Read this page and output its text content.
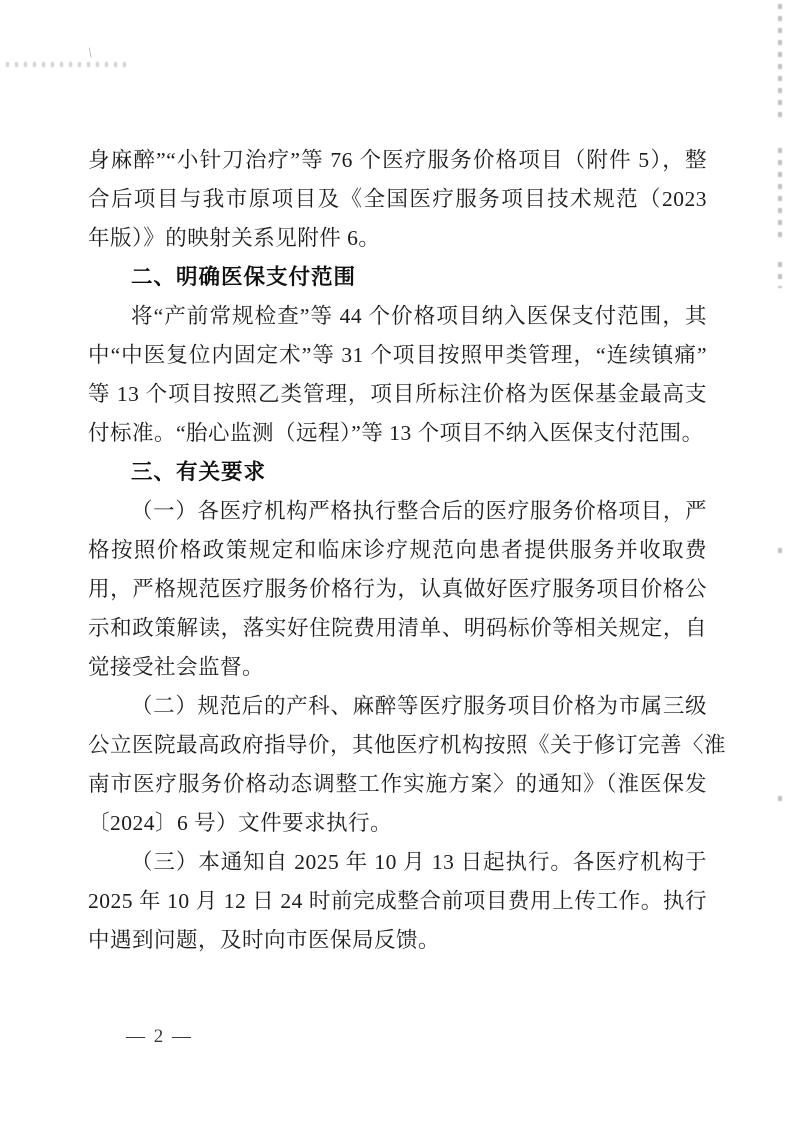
\
身麻醉”“小针刀治疗”等 76 个医疗服务价格项目（附件 5），整
合后项目与我市原项目及《全国医疗服务项目技术规范（2023
年版）》的映射关系见附件 6。
二、明确医保支付范围
将“产前常规检查”等 44 个价格项目纳入医保支付范围，其
中“中医复位内固定术”等 31 个项目按照甲类管理，“连续镇痛”
等 13 个项目按照乙类管理，项目所标注价格为医保基金最高支
付标准。“胎心监测（远程）”等 13 个项目不纳入医保支付范围。
三、有关要求
（一）各医疗机构严格执行整合后的医疗服务价格项目，严
格按照价格政策规定和临床诊疗规范向患者提供服务并收取费
用，严格规范医疗服务价格行为，认真做好医疗服务项目价格公
示和政策解读，落实好住院费用清单、明码标价等相关规定，自
觉接受社会监督。
（二）规范后的产科、麻醉等医疗服务项目价格为市属三级
公立医院最高政府指导价，其他医疗机构按照《关于修订完善〈淮
南市医疗服务价格动态调整工作实施方案〉的通知》（淮医保发
〔2024〕6 号）文件要求执行。
（三）本通知自 2025 年 10 月 13 日起执行。各医疗机构于
2025 年 10 月 12 日 24 时前完成整合前项目费用上传工作。执行
中遇到问题，及时向市医保局反馈。
— 2 —
